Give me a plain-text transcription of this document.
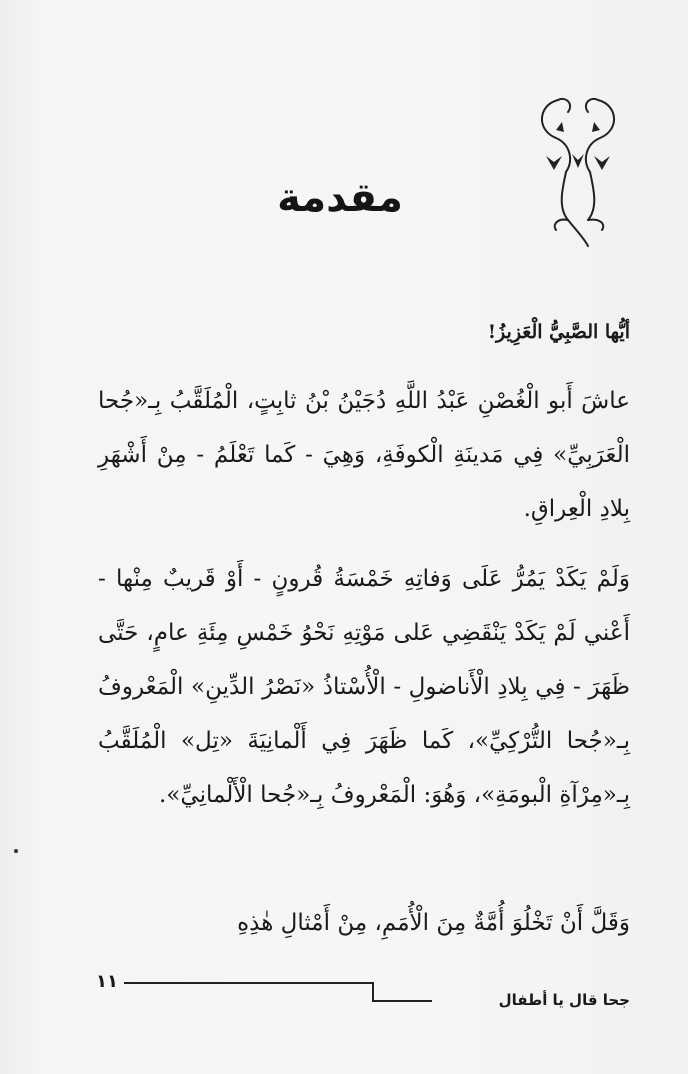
مقدمة
أيُّها الصَّبِيُّ الْعَزِيزُ!

عاشَ أَبو الْغُصْنِ عَبْدُ اللَّهِ دُجَيْنُ بْنُ ثابِتٍ، الْمُلَقَّبُ بِـ«جُحا الْعَرَبِيِّ» فِي مَدينَةِ الْكوفَةِ، وَهِيَ - كَما تَعْلَمُ - مِنْ أَشْهَرِ بِلادِ الْعِراقِ.

وَلَمْ يَكَدْ يَمُرُّ عَلَى وَفاتِهِ خَمْسَةُ قُرونٍ - أَوْ قَريبٌ مِنْها - أَعْني لَمْ يَكَدْ يَنْقَضِي عَلى مَوْتِهِ نَحْوُ خَمْسِ مِئَةِ عامٍ، حَتَّى ظَهَرَ - فِي بِلادِ الْأَناضولِ - الْأُسْتاذُ «نَصْرُ الدِّينِ» الْمَعْروفُ بِـ«جُحا التُّرْكِيِّ»، كَما ظَهَرَ فِي أَلْمانِيَةَ «تِل» الْمُلَقَّبُ بِـ«مِرْآةِ الْبومَةِ»، وَهُوَ: الْمَعْروفُ بِـ«جُحا الْأَلْمانِيِّ».

وَقَلَّ أَنْ تَخْلُوَ أُمَّةٌ مِنَ الْأُمَمِ، مِنْ أَمْثالِ هٰذِهِ

١١
جحا قال يا أطفال
